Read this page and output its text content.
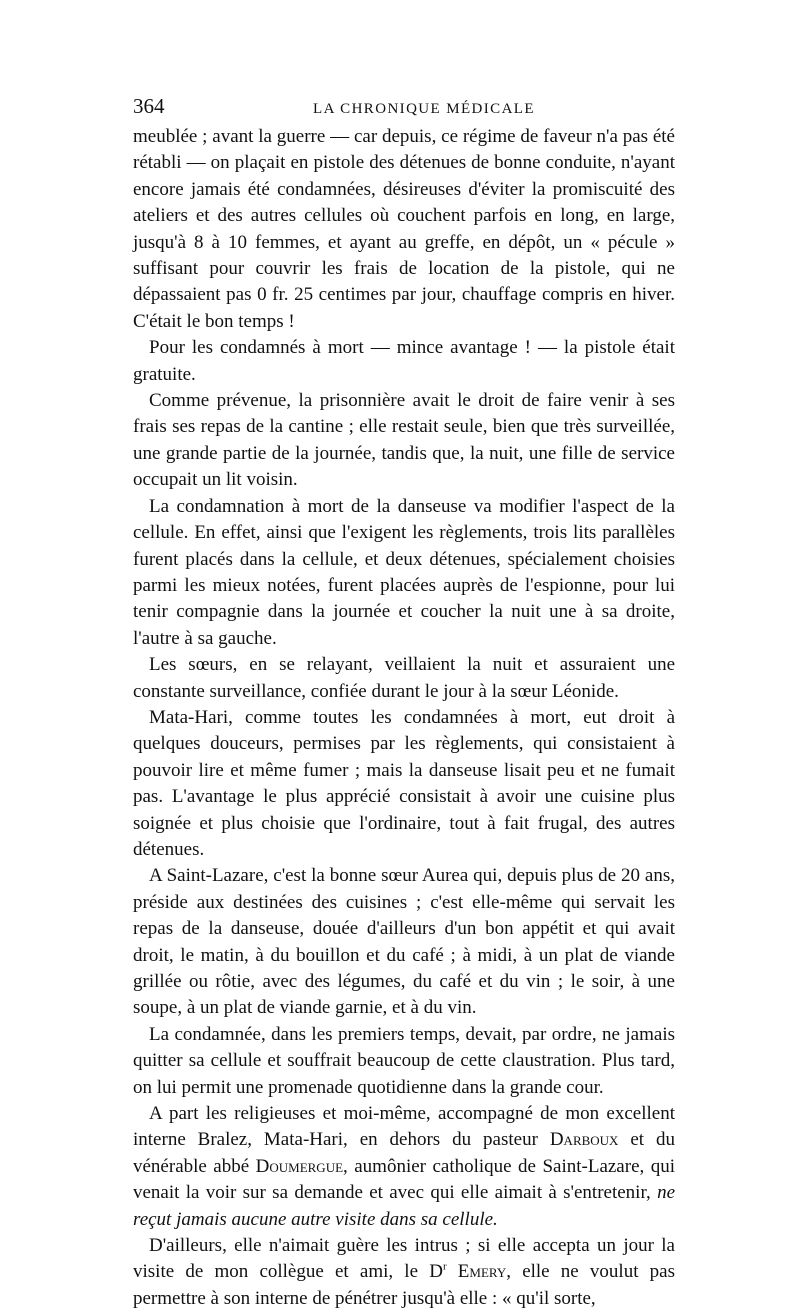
364	LA CHRONIQUE MÉDICALE

meublée ; avant la guerre — car depuis, ce régime de faveur n'a pas été rétabli — on plaçait en pistole des détenues de bonne conduite, n'ayant encore jamais été condamnées, désireuses d'éviter la promiscuité des ateliers et des autres cellules où couchent parfois en long, en large, jusqu'à 8 à 10 femmes, et ayant au greffe, en dépôt, un « pécule » suffisant pour couvrir les frais de location de la pistole, qui ne dépassaient pas 0 fr. 25 centimes par jour, chauffage compris en hiver. C'était le bon temps !

Pour les condamnés à mort — mince avantage ! — la pistole était gratuite.

Comme prévenue, la prisonnière avait le droit de faire venir à ses frais ses repas de la cantine ; elle restait seule, bien que très surveillée, une grande partie de la journée, tandis que, la nuit, une fille de service occupait un lit voisin.

La condamnation à mort de la danseuse va modifier l'aspect de la cellule. En effet, ainsi que l'exigent les règlements, trois lits parallèles furent placés dans la cellule, et deux détenues, spécialement choisies parmi les mieux notées, furent placées auprès de l'espionne, pour lui tenir compagnie dans la journée et coucher la nuit une à sa droite, l'autre à sa gauche.

Les sœurs, en se relayant, veillaient la nuit et assuraient une constante surveillance, confiée durant le jour à la sœur Léonide.

Mata-Hari, comme toutes les condamnées à mort, eut droit à quelques douceurs, permises par les règlements, qui consistaient à pouvoir lire et même fumer ; mais la danseuse lisait peu et ne fumait pas. L'avantage le plus apprécié consistait à avoir une cuisine plus soignée et plus choisie que l'ordinaire, tout à fait frugal, des autres détenues.

A Saint-Lazare, c'est la bonne sœur Aurea qui, depuis plus de 20 ans, préside aux destinées des cuisines ; c'est elle-même qui servait les repas de la danseuse, douée d'ailleurs d'un bon appétit et qui avait droit, le matin, à du bouillon et du café ; à midi, à un plat de viande grillée ou rôtie, avec des légumes, du café et du vin ; le soir, à une soupe, à un plat de viande garnie, et à du vin.

La condamnée, dans les premiers temps, devait, par ordre, ne jamais quitter sa cellule et souffrait beaucoup de cette claustration. Plus tard, on lui permit une promenade quotidienne dans la grande cour.

A part les religieuses et moi-même, accompagné de mon excellent interne Bralez, Mata-Hari, en dehors du pasteur Darboux et du vénérable abbé Doumergue, aumônier catholique de Saint-Lazare, qui venait la voir sur sa demande et avec qui elle aimait à s'entretenir, ne reçut jamais aucune autre visite dans sa cellule.

D'ailleurs, elle n'aimait guère les intrus ; si elle accepta un jour la visite de mon collègue et ami, le $D^r$ Emery, elle ne voulut pas permettre à son interne de pénétrer jusqu'à elle : « qu'il sorte,
